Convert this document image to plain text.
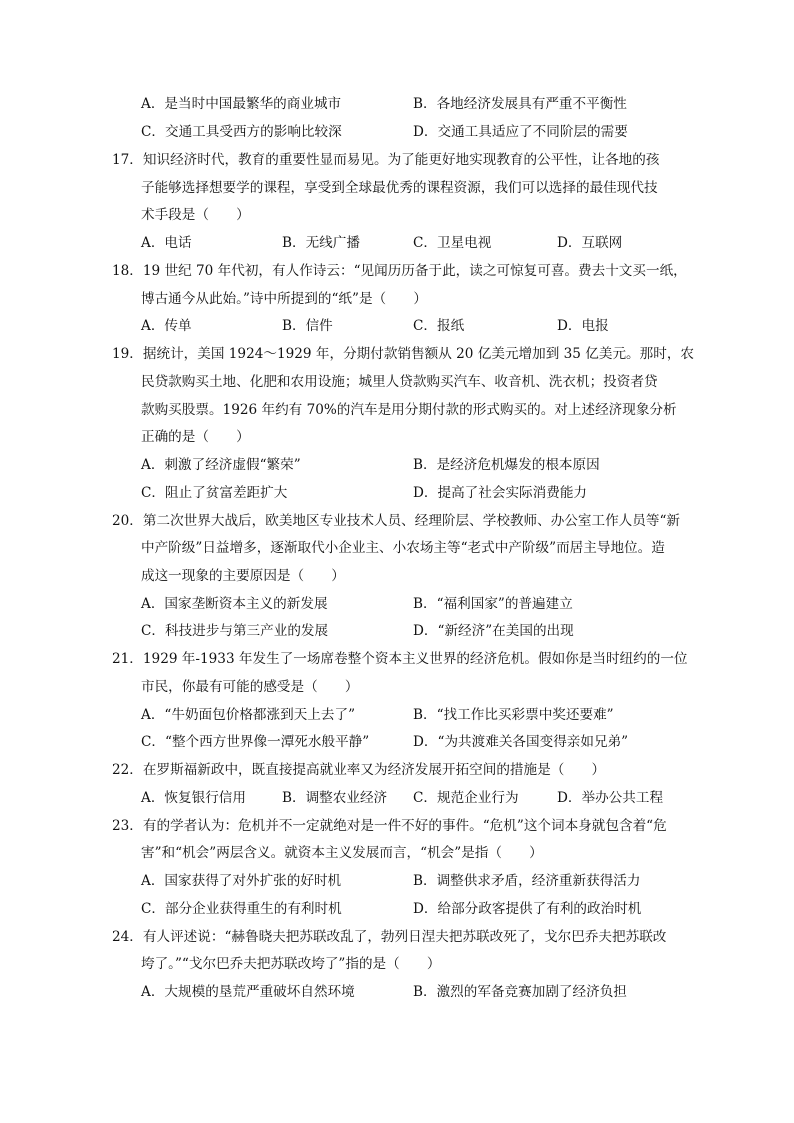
A．是当时中国最繁华的商业城市	B．各地经济发展具有严重不平衡性
C．交通工具受西方的影响比较深	D．交通工具适应了不同阶层的需要
17．知识经济时代，教育的重要性显而易见。为了能更好地实现教育的公平性，让各地的孩
子能够选择想要学的课程，享受到全球最优秀的课程资源，我们可以选择的最佳现代技
术手段是（　　）
A．电话	B．无线广播	C．卫星电视	D．互联网
18．19 世纪 70 年代初，有人作诗云：“见闻历历备于此，读之可惊复可喜。费去十文买一纸，
博古通今从此始。”诗中所提到的“纸”是（　　）
A．传单	B．信件	C．报纸	D．电报
19．据统计，美国 1924～1929 年，分期付款销售额从 20 亿美元增加到 35 亿美元。那时，农
民贷款购买土地、化肥和农用设施；城里人贷款购买汽车、收音机、洗衣机；投资者贷
款购买股票。1926 年约有 70%的汽车是用分期付款的形式购买的。对上述经济现象分析
正确的是（　　）
A．刺激了经济虚假“繁荣”	B．是经济危机爆发的根本原因
C．阻止了贫富差距扩大	D．提高了社会实际消费能力
20．第二次世界大战后，欧美地区专业技术人员、经理阶层、学校教师、办公室工作人员等“新
中产阶级”日益增多，逐渐取代小企业主、小农场主等“老式中产阶级”而居主导地位。造
成这一现象的主要原因是（　　）
A．国家垄断资本主义的新发展	B．“福利国家”的普遍建立
C．科技进步与第三产业的发展	D．“新经济”在美国的出现
21．1929 年-1933 年发生了一场席卷整个资本主义世界的经济危机。假如你是当时纽约的一位
市民，你最有可能的感受是（　　）
A．“牛奶面包价格都涨到天上去了”	B．“找工作比买彩票中奖还要难”
C．“整个西方世界像一潭死水般平静”	D．“为共渡难关各国变得亲如兄弟”
22．在罗斯福新政中，既直接提高就业率又为经济发展开拓空间的措施是（　　）
A．恢复银行信用	B．调整农业经济 C．规范企业行为	D．举办公共工程
23．有的学者认为：危机并不一定就绝对是一件不好的事件。“危机”这个词本身就包含着“危
害”和“机会”两层含义。就资本主义发展而言，“机会”是指（　　）
A．国家获得了对外扩张的好时机	B．调整供求矛盾，经济重新获得活力
C．部分企业获得重生的有利时机	D．给部分政客提供了有利的政治时机
24．有人评述说：“赫鲁晓夫把苏联改乱了，勃列日涅夫把苏联改死了，戈尔巴乔夫把苏联改
垮了。”“戈尔巴乔夫把苏联改垮了”指的是（　　）
A．大规模的垦荒严重破坏自然环境	B．激烈的军备竞赛加剧了经济负担
